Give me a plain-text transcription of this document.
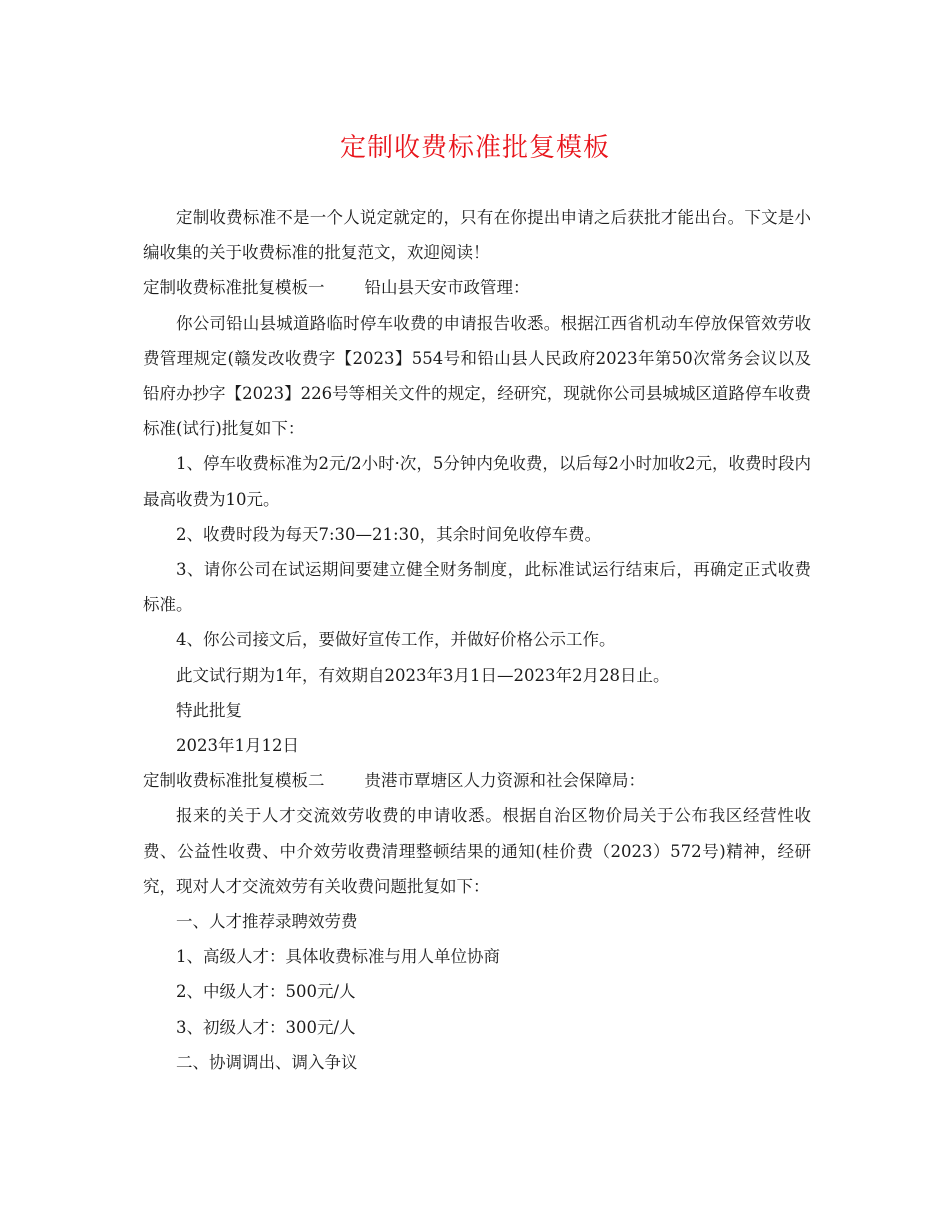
定制收费标准批复模板

定制收费标准不是一个人说定就定的，只有在你提出申请之后获批才能出台。下文是小编收集的关于收费标准的批复范文，欢迎阅读！

定制收费标准批复模板一 铅山县天安市政管理：

你公司铅山县城道路临时停车收费的申请报告收悉。根据江西省机动车停放保管效劳收费管理规定(赣发改收费字【2023】554号和铅山县人民政府2023年第50次常务会议以及铅府办抄字【2023】226号等相关文件的规定，经研究，现就你公司县城城区道路停车收费标准(试行)批复如下：

1、停车收费标准为2元/2小时·次，5分钟内免收费，以后每2小时加收2元，收费时段内最高收费为10元。

2、收费时段为每天7:30—21:30，其余时间免收停车费。

3、请你公司在试运期间要建立健全财务制度，此标准试运行结束后，再确定正式收费标准。

4、你公司接文后，要做好宣传工作，并做好价格公示工作。

此文试行期为1年，有效期自2023年3月1日—2023年2月28日止。

特此批复

2023年1月12日

定制收费标准批复模板二 贵港市覃塘区人力资源和社会保障局：

报来的关于人才交流效劳收费的申请收悉。根据自治区物价局关于公布我区经营性收费、公益性收费、中介效劳收费清理整顿结果的通知(桂价费（2023）572号)精神，经研究，现对人才交流效劳有关收费问题批复如下：

一、人才推荐录聘效劳费

1、高级人才：具体收费标准与用人单位协商

2、中级人才：500元/人

3、初级人才：300元/人

二、协调调出、调入争议
